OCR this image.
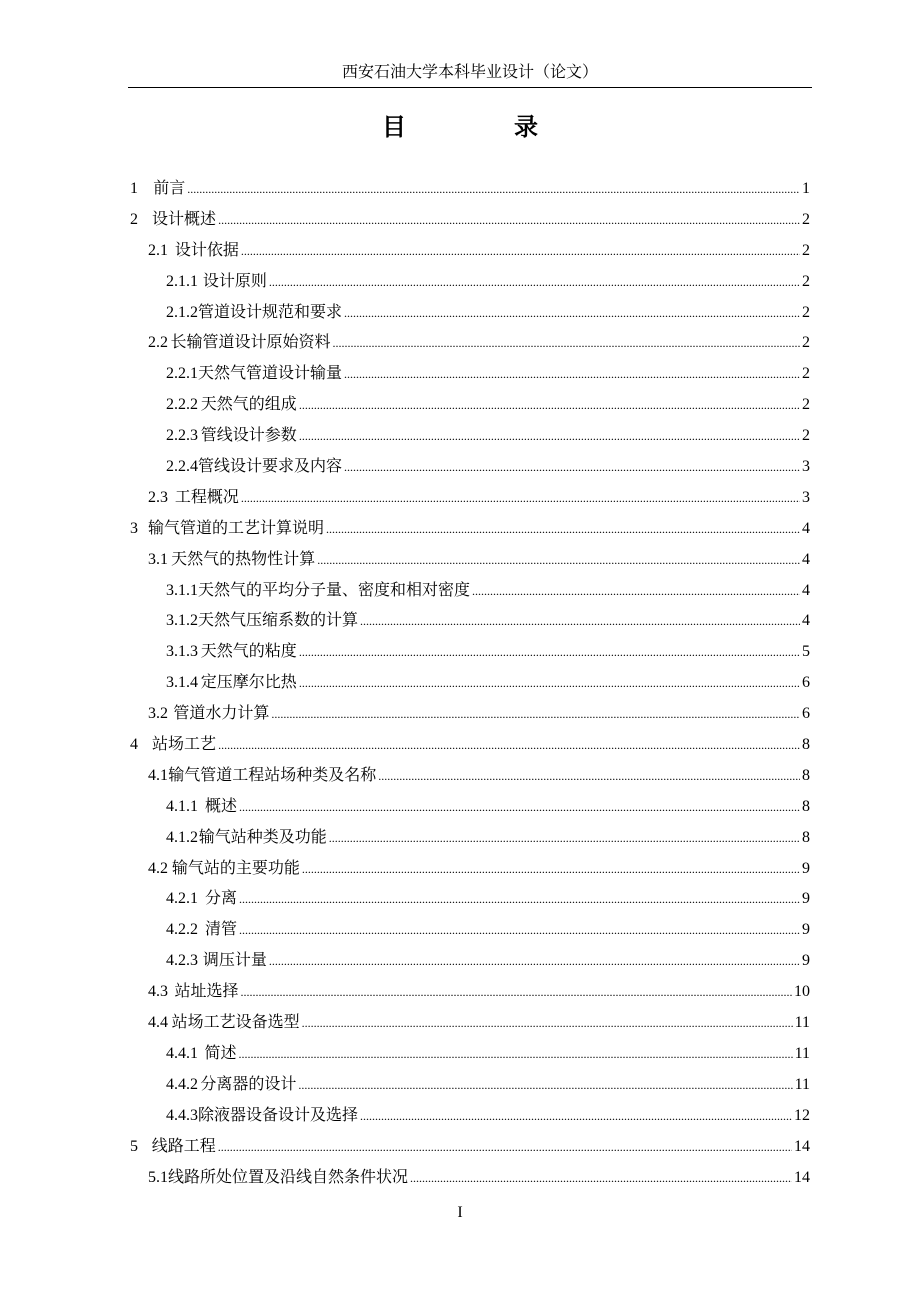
西安石油大学本科毕业设计（论文）
目　录
1 前言 .....	1
2 设计概述 .....	2
2.1 设计依据 .....	2
2.1.1 设计原则 .....	2
2.1.2 管道设计规范和要求 .....	2
2.2 长输管道设计原始资料 .....	2
2.2.1 天然气管道设计输量 .....	2
2.2.2 天然气的组成 .....	2
2.2.3 管线设计参数 .....	2
2.2.4 管线设计要求及内容 .....	3
2.3 工程概况 .....	3
3 输气管道的工艺计算说明 .....	4
3.1 天然气的热物性计算 .....	4
3.1.1 天然气的平均分子量、密度和相对密度 .....	4
3.1.2 天然气压缩系数的计算 .....	4
3.1.3 天然气的粘度 .....	5
3.1.4 定压摩尔比热 .....	6
3.2 管道水力计算 .....	6
4 站场工艺 .....	8
4.1 输气管道工程站场种类及名称 .....	8
4.1.1 概述 .....	8
4.1.2 输气站种类及功能 .....	8
4.2 输气站的主要功能 .....	9
4.2.1 分离 .....	9
4.2.2 清管 .....	9
4.2.3 调压计量 .....	9
4.3 站址选择 .....	10
4.4 站场工艺设备选型 .....	11
4.4.1 简述 .....	11
4.4.2 分离器的设计 .....	11
4.4.3 除液器设备设计及选择 .....	12
5 线路工程 .....	14
5.1 线路所处位置及沿线自然条件状况 .....	14
I
